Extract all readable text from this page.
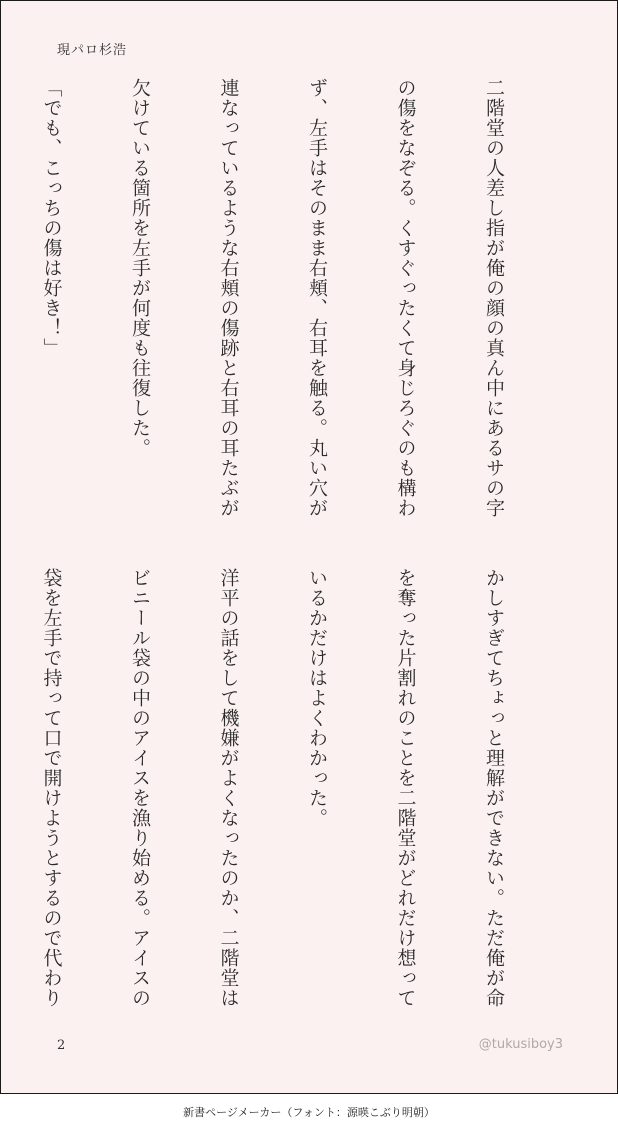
現パロ杉浩

二階堂の人差し指が俺の顔の真ん中にあるサの字

の傷をなぞる。くすぐったくて身じろぐのも構わ

ず、左手はそのまま右頬、右耳を触る。丸い穴が

連なっているような右頬の傷跡と右耳の耳たぶが

欠けている箇所を左手が何度も往復した。

「でも、こっちの傷は好き！」

かしすぎてちょっと理解ができない。ただ俺が命

を奪った片割れのことを二階堂がどれだけ想って

いるかだけはよくわかった。

洋平の話をして機嫌がよくなったのか、二階堂は

ビニール袋の中のアイスを漁り始める。アイスの

袋を左手で持って口で開けようとするので代わり

2	@tukusiboy3
新書ページメーカー（フォント：源暎こぶり明朝）
